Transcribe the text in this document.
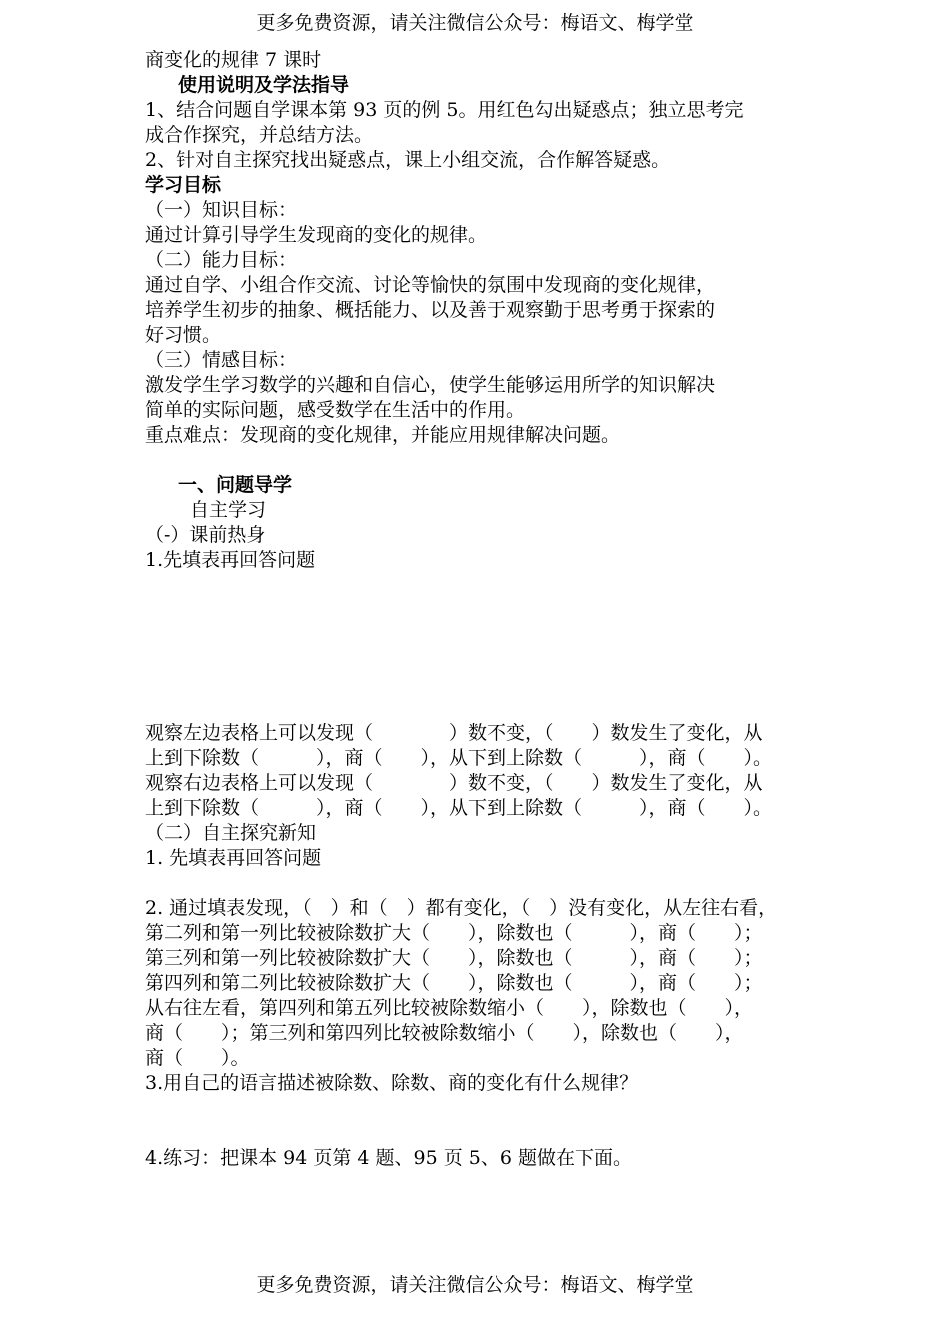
更多免费资源，请关注微信公众号：梅语文、梅学堂
商变化的规律 7 课时
使用说明及学法指导
1、结合问题自学课本第 93 页的例 5。用红色勾出疑惑点；独立思考完
成合作探究，并总结方法。
2、针对自主探究找出疑惑点，课上小组交流，合作解答疑惑。
学习目标
（一）知识目标：
通过计算引导学生发现商的变化的规律。
（二）能力目标：
通过自学、小组合作交流、讨论等愉快的氛围中发现商的变化规律，
培养学生初步的抽象、概括能力、以及善于观察勤于思考勇于探索的
好习惯。
（三）情感目标：
激发学生学习数学的兴趣和自信心，使学生能够运用所学的知识解决
简单的实际问题，感受数学在生活中的作用。
重点难点：发现商的变化规律，并能应用规律解决问题。
一、问题导学
自主学习
（-）课前热身
1.先填表再回答问题
观察左边表格上可以发现（　　　　）数不变，（　　）数发生了变化，从
上到下除数（　　　），商（　　），从下到上除数（　　　），商（　　）。
观察右边表格上可以发现（　　　　）数不变，（　　）数发生了变化，从
上到下除数（　　　），商（　　），从下到上除数（　　　），商（　　）。
（二）自主探究新知
1. 先填表再回答问题
2. 通过填表发现，（　）和（　）都有变化，（　）没有变化，从左往右看，
第二列和第一列比较被除数扩大（　　），除数也（　　　），商（　　）；
第三列和第一列比较被除数扩大（　　），除数也（　　　），商（　　）；
第四列和第二列比较被除数扩大（　　），除数也（　　　），商（　　）；
从右往左看，第四列和第五列比较被除数缩小（　　），除数也（　　），
商（　　）；第三列和第四列比较被除数缩小（　　），除数也（　　），
商（　　）。
3.用自己的语言描述被除数、除数、商的变化有什么规律？
4.练习：把课本 94 页第 4 题、95 页 5、6 题做在下面。
更多免费资源，请关注微信公众号：梅语文、梅学堂
